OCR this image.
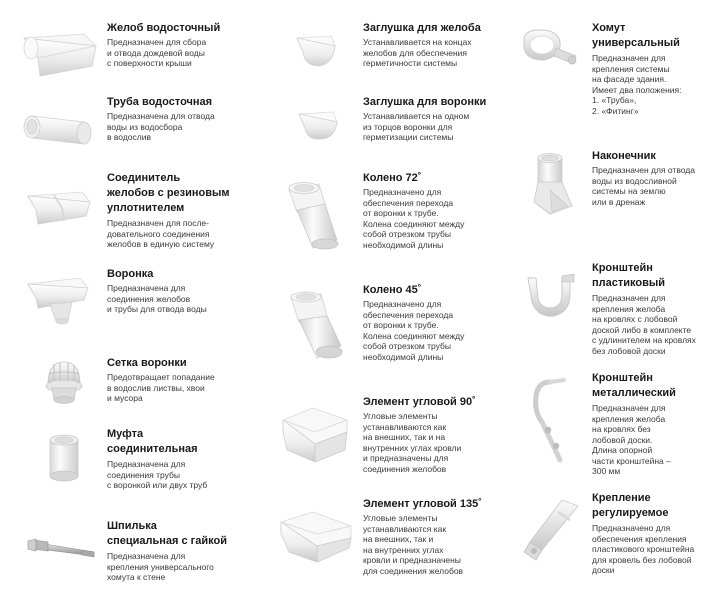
Желоб водосточный
Предназначен для сбора
и отвода дождевой воды
с поверхности крыши
Труба водосточная
Предназначена для отвода
воды из водосбора
в водослив
Соединитель
желобов с резиновым
уплотнителем
Предназначен для после-
довательного соединения
желобов в единую систему
Воронка
Предназначена для
соединения желобов
и трубы для отвода воды
Сетка воронки
Предотвращает попадание
в водослив листвы, хвои
и мусора
Муфта
соединительная
Предназначена для
соединения трубы
с воронкой или двух труб
Шпилька
специальная с гайкой
Предназначена для
крепления универсального
хомута к стене
Заглушка для желоба
Устанавливается на концах
желобов для обеспечения
герметичности системы
Заглушка для воронки
Устанавливается на одном
из торцов воронки для
герметизации системы
Колено 72˚
Предназначено для
обеспечения перехода
от воронки к трубе.
Колена соединяют между
собой отрезком трубы
необходимой длины
Колено 45˚
Предназначено для
обеспечения перехода
от воронки к трубе.
Колена соединяют между
собой отрезком трубы
необходимой длины
Элемент угловой 90˚
Угловые элементы
устанавливаются как
на внешних, так и на
внутренних углах кровли
и предназначены для
соединения желобов
Элемент угловой 135˚
Угловые элементы
устанавливаются как
на внешних, так и
на внутренних углах
кровли и предназначены
для соединения желобов
Хомут
универсальный
Предназначен для
крепления системы
на фасаде здания.
Имеет два положения:
1. «Труба»,
2. «Фитинг»
Наконечник
Предназначен для отвода
воды из водосливной
системы на землю
или в дренаж
Кронштейн
пластиковый
Предназначен для
крепления желоба
на кровлях с лобовой
доской либо в комплекте
с удлинителем на кровлях
без лобовой доски
Кронштейн
металлический
Предназначен для
крепления желоба
на кровлях без
лобовой доски.
Длина опорной
части кронштейна –
300 мм
Крепление
регулируемое
Предназначено для
обеспечения крепления
пластикового кронштейна
для кровель без лобовой
доски
